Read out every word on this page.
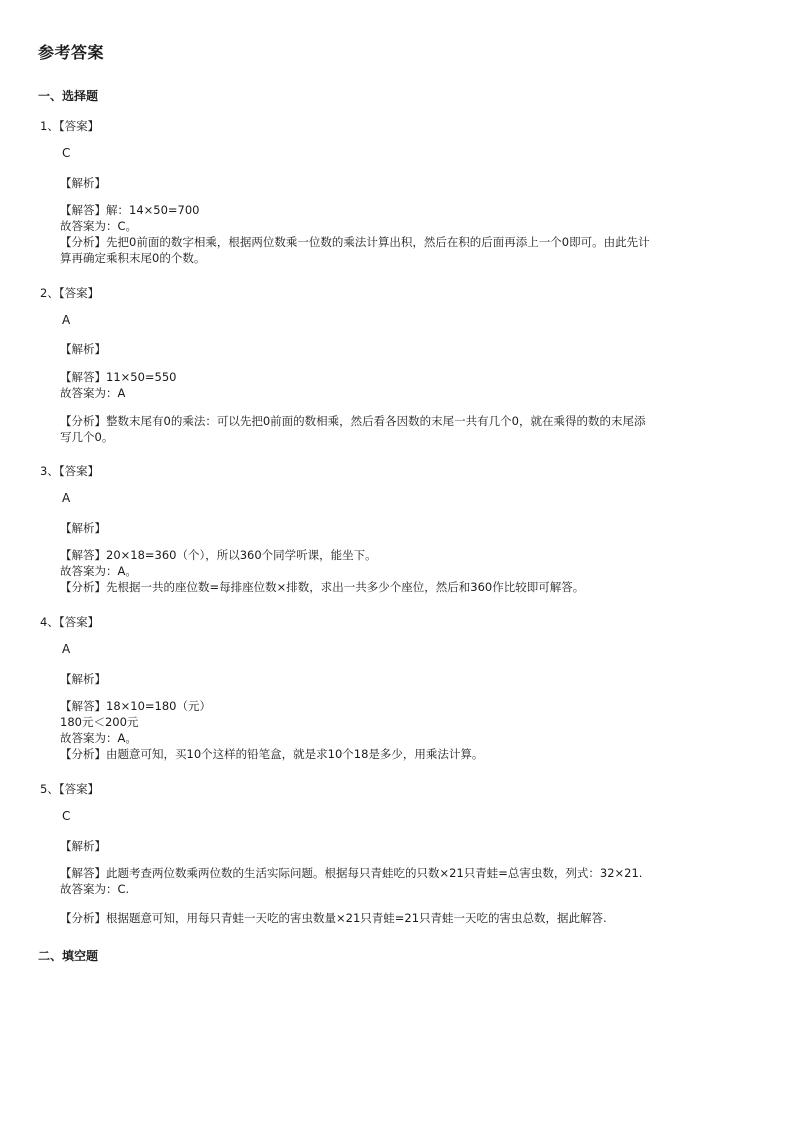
参考答案
一、选择题
1、【答案】
C
【解析】
【解答】解：14×50=700
故答案为：C。
【分析】先把0前面的数字相乘，根据两位数乘一位数的乘法计算出积，然后在积的后面再添上一个0即可。由此先计
算再确定乘积末尾0的个数。
2、【答案】
A
【解析】
【解答】11×50=550
故答案为：A
【分析】整数末尾有0的乘法：可以先把0前面的数相乘，然后看各因数的末尾一共有几个0，就在乘得的数的末尾添
写几个0。
3、【答案】
A
【解析】
【解答】20×18=360（个），所以360个同学听课，能坐下。
故答案为：A。
【分析】先根据一共的座位数=每排座位数×排数，求出一共多少个座位，然后和360作比较即可解答。
4、【答案】
A
【解析】
【解答】18×10=180（元）
180元＜200元
故答案为：A。
【分析】由题意可知，买10个这样的铅笔盒，就是求10个18是多少，用乘法计算。
5、【答案】
C
【解析】
【解答】此题考查两位数乘两位数的生活实际问题。根据每只青蛙吃的只数×21只青蛙=总害虫数，列式：32×21.
故答案为：C.
【分析】根据题意可知，用每只青蛙一天吃的害虫数量×21只青蛙=21只青蛙一天吃的害虫总数，据此解答.
二、填空题
